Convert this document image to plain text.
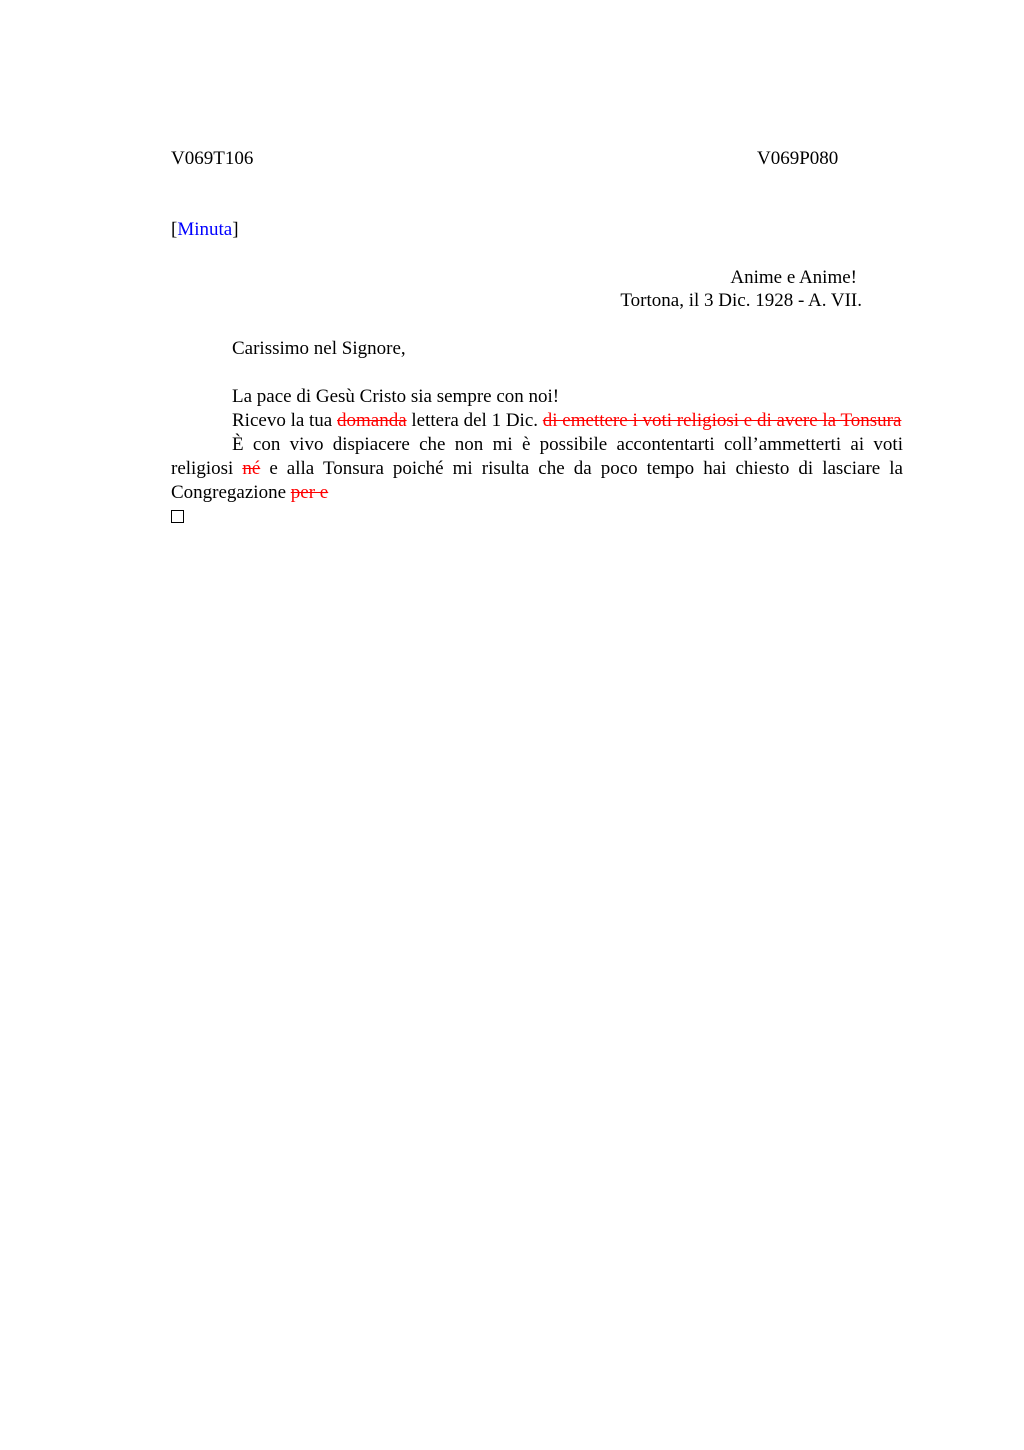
V069T106	V069P080
[Minuta]
Anime e Anime!
Tortona, il 3 Dic. 1928 - A. VII.

Carissimo nel Signore,

La pace di Gesù Cristo sia sempre con noi!

Ricevo la tua domanda lettera del 1 Dic. di emettere i voti religiosi e di avere la Tonsura

È con vivo dispiacere che non mi è possibile accontentarti coll’ammetterti ai voti religiosi né e alla Tonsura poiché mi risulta che da poco tempo hai chiesto di lasciare la Congregazione per e
